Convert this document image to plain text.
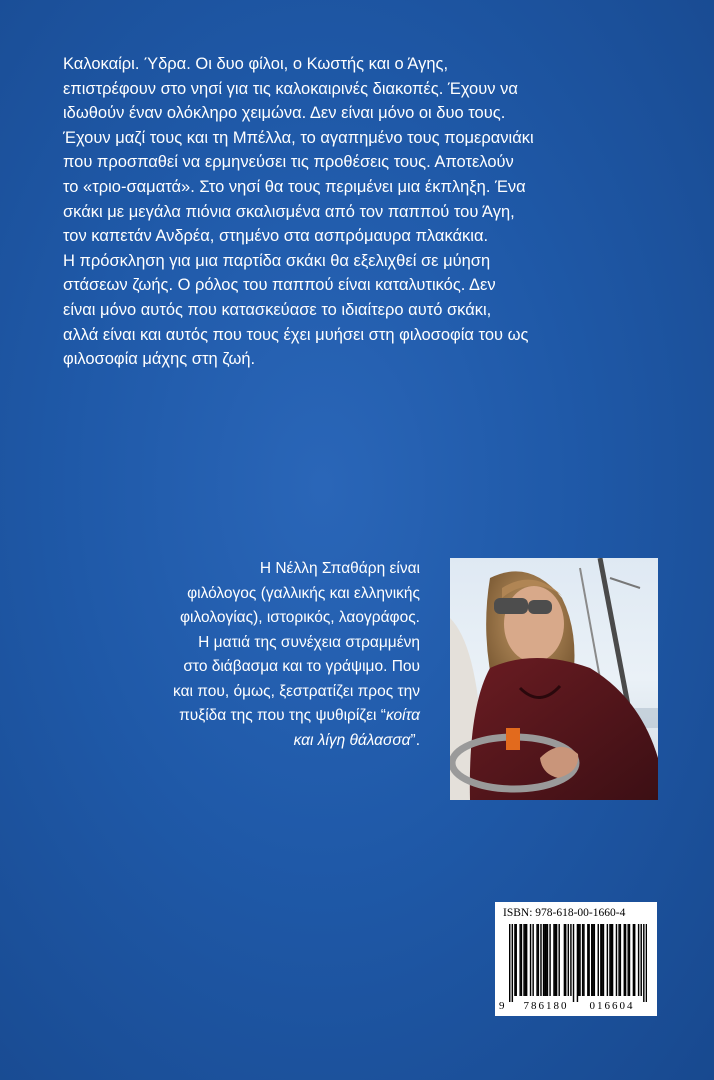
Καλοκαίρι. Ύδρα. Οι δυο φίλοι, ο Κωστής και ο Άγης,
επιστρέφουν στο νησί για τις καλοκαιρινές διακοπές. Έχουν να
ιδωθούν έναν ολόκληρο χειμώνα. Δεν είναι μόνο οι δυο τους.
Έχουν μαζί τους και τη Μπέλλα, το αγαπημένο τους πομερανιάκι
που προσπαθεί να ερμηνεύσει τις προθέσεις τους. Αποτελούν
το «τριο-σαματά». Στο νησί θα τους περιμένει μια έκπληξη. Ένα
σκάκι με μεγάλα πιόνια σκαλισμένα από τον παππού του Άγη,
τον καπετάν Ανδρέα, στημένο στα ασπρόμαυρα πλακάκια.
Η πρόσκληση για μια παρτίδα σκάκι θα εξελιχθεί σε μύηση
στάσεων ζωής. Ο ρόλος του παππού είναι καταλυτικός. Δεν
είναι μόνο αυτός που κατασκεύασε το ιδιαίτερο αυτό σκάκι,
αλλά είναι και αυτός που τους έχει μυήσει στη φιλοσοφία του ως
φιλοσοφία μάχης στη ζωή.

Η Νέλλη Σπαθάρη είναι
φιλόλογος (γαλλικής και ελληνικής
φιλολογίας), ιστορικός, λαογράφος.
Η ματιά της συνέχεια στραμμένη
στο διάβασμα και το γράψιμο. Που
και που, όμως, ξεστρατίζει προς την
πυξίδα της που της ψυθιρίζει “κοίτα
και λίγη θάλασσα”.

ISBN: 978-618-00-1660-4
9 786180 016604
